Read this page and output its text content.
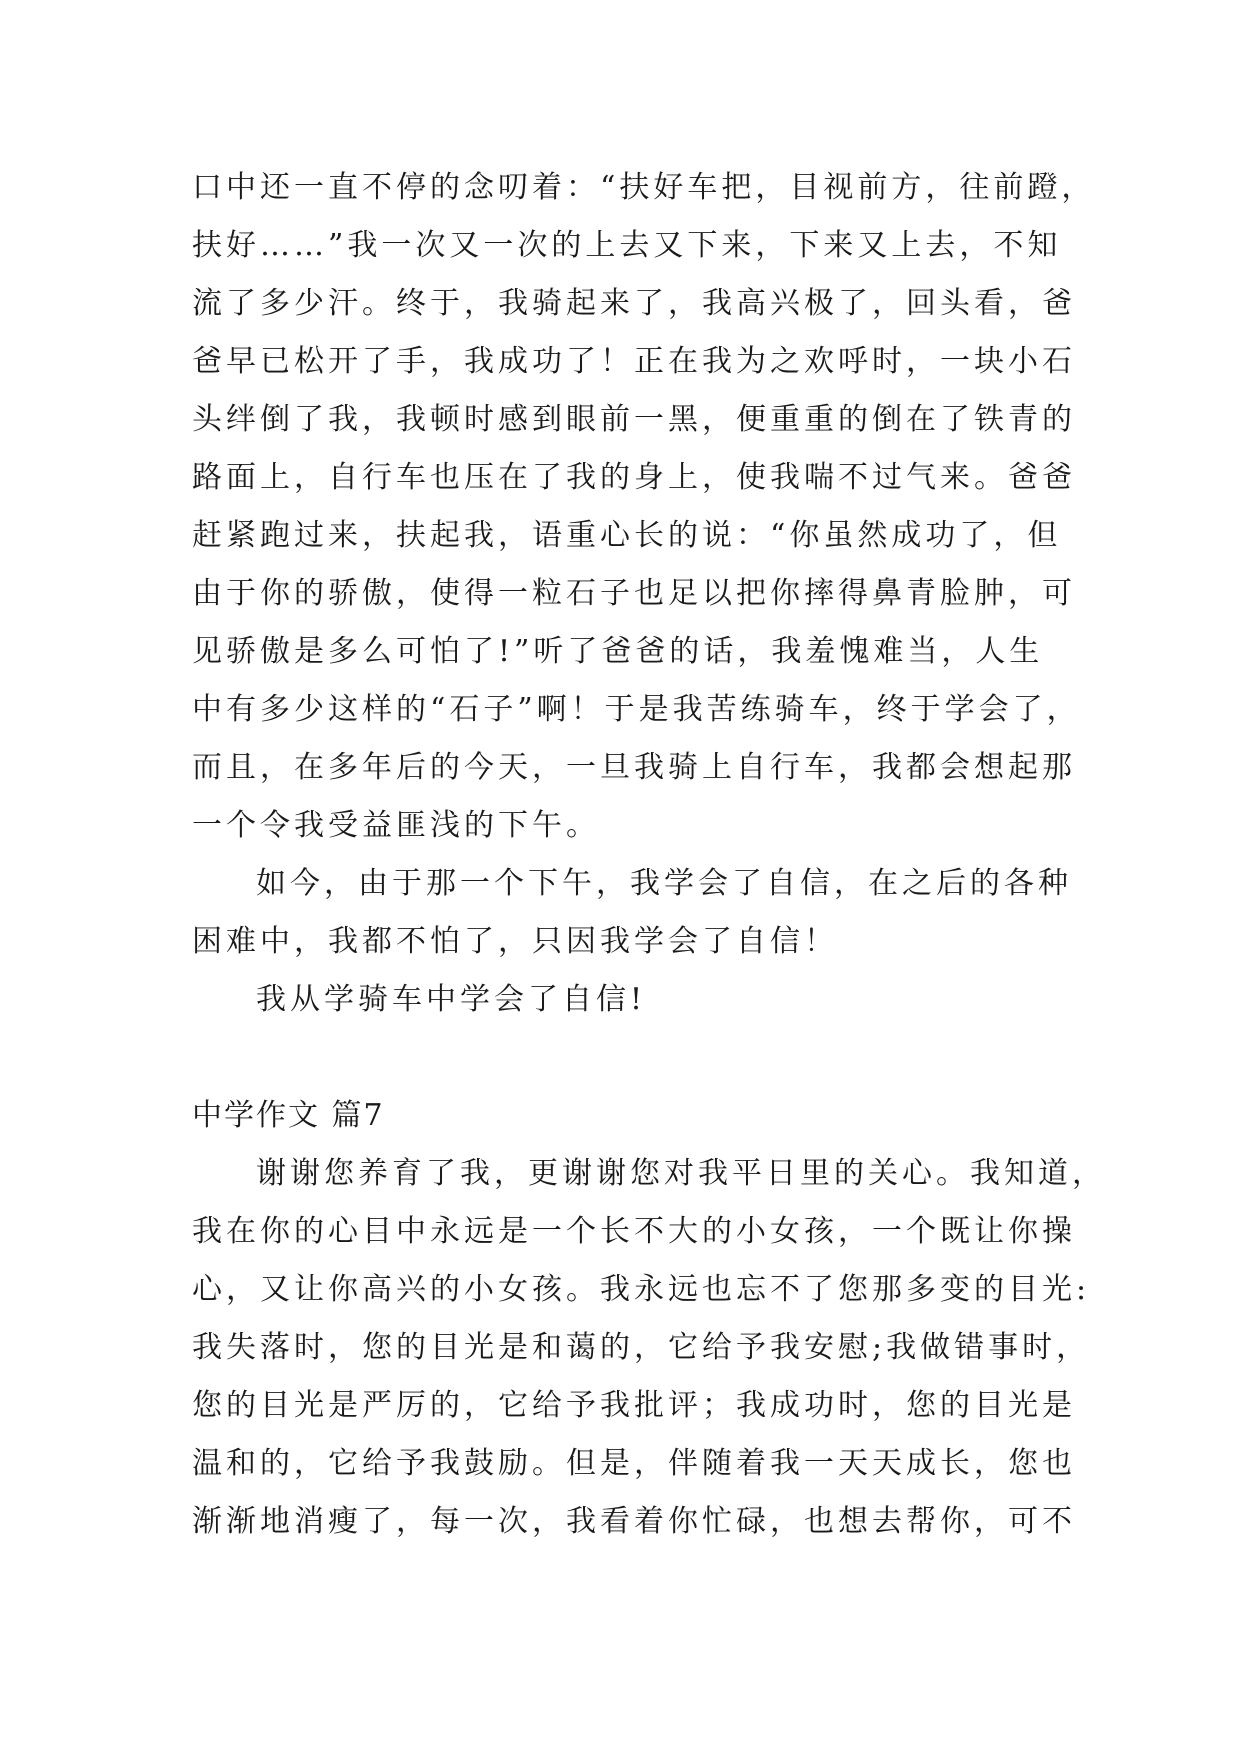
口中还一直不停的念叨着：“扶好车把，目视前方，往前蹬，
扶好……”我一次又一次的上去又下来，下来又上去，不知
流了多少汗。终于，我骑起来了，我高兴极了，回头看，爸
爸早已松开了手，我成功了！正在我为之欢呼时，一块小石
头绊倒了我，我顿时感到眼前一黑，便重重的倒在了铁青的
路面上，自行车也压在了我的身上，使我喘不过气来。爸爸
赶紧跑过来，扶起我，语重心长的说：“你虽然成功了，但
由于你的骄傲，使得一粒石子也足以把你摔得鼻青脸肿，可
见骄傲是多么可怕了!”听了爸爸的话，我羞愧难当，人生
中有多少这样的“石子”啊！于是我苦练骑车，终于学会了，
而且，在多年后的今天，一旦我骑上自行车，我都会想起那
一个令我受益匪浅的下午。
如今，由于那一个下午，我学会了自信，在之后的各种
困难中，我都不怕了，只因我学会了自信！
我从学骑车中学会了自信!
中学作文 篇7
谢谢您养育了我，更谢谢您对我平日里的关心。我知道，
我在你的心目中永远是一个长不大的小女孩，一个既让你操
心，又让你高兴的小女孩。我永远也忘不了您那多变的目光:
我失落时，您的目光是和蔼的，它给予我安慰;我做错事时，
您的目光是严厉的，它给予我批评；我成功时，您的目光是
温和的，它给予我鼓励。但是，伴随着我一天天成长，您也
渐渐地消瘦了，每一次，我看着你忙碌，也想去帮你，可不
